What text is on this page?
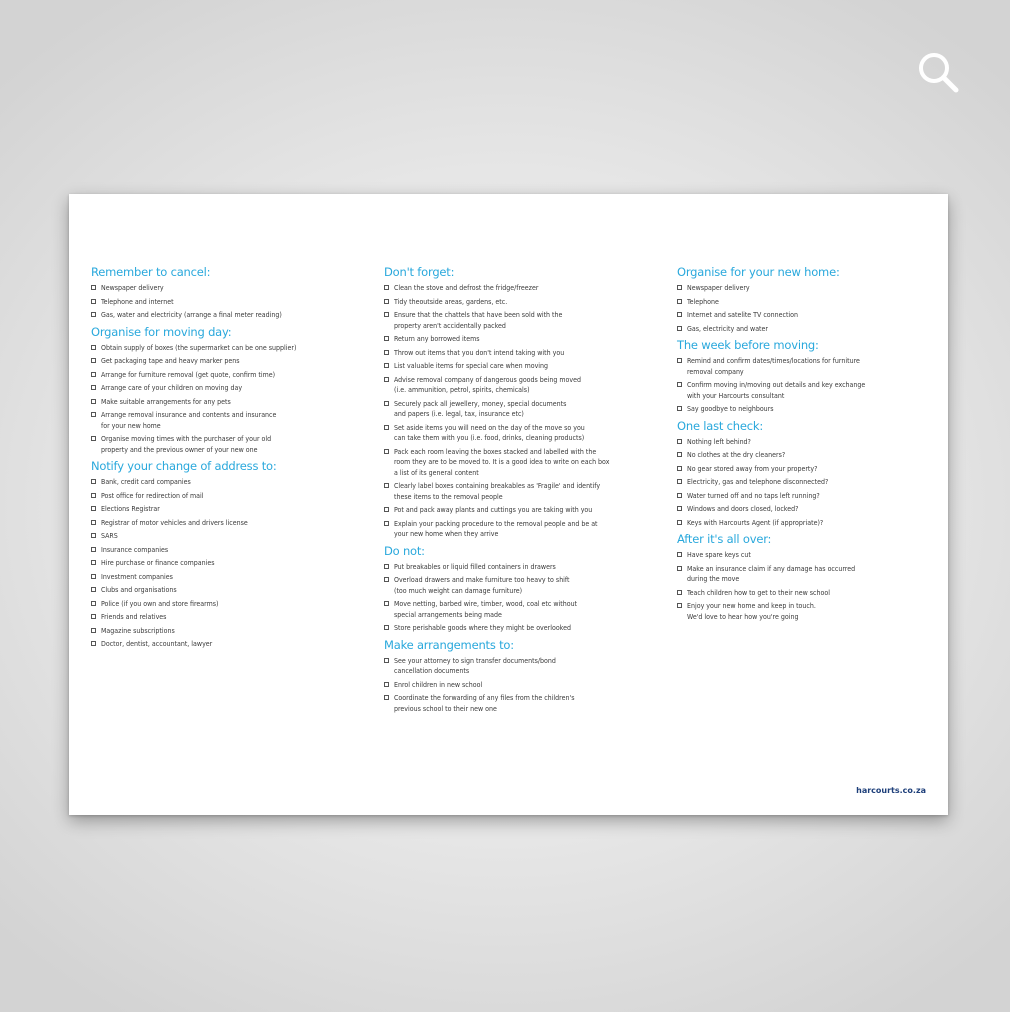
Remember to cancel:
Newspaper delivery
Telephone and internet
Gas, water and electricity (arrange a final meter reading)
Organise for moving day:
Obtain supply of boxes (the supermarket can be one supplier)
Get packaging tape and heavy marker pens
Arrange for furniture removal (get quote, confirm time)
Arrange care of your children on moving day
Make suitable arrangements for any pets
Arrange removal insurance and contents and insurance
for your new home
Organise moving times with the purchaser of your old
property and the previous owner of your new one
Notify your change of address to:
Bank, credit card companies
Post office for redirection of mail
Elections Registrar
Registrar of motor vehicles and drivers license
SARS
Insurance companies
Hire purchase or finance companies
Investment companies
Clubs and organisations
Police (if you own and store firearms)
Friends and relatives
Magazine subscriptions
Doctor, dentist, accountant, lawyer
Don't forget:
Clean the stove and defrost the fridge/freezer
Tidy theoutside areas, gardens, etc.
Ensure that the chattels that have been sold with the
property aren't accidentally packed
Return any borrowed items
Throw out items that you don't intend taking with you
List valuable items for special care when moving
Advise removal company of dangerous goods being moved
(i.e. ammunition, petrol, spirits, chemicals)
Securely pack all jewellery, money, special documents
and papers (i.e. legal, tax, insurance etc)
Set aside items you will need on the day of the move so you
can take them with you (i.e. food, drinks, cleaning products)
Pack each room leaving the boxes stacked and labelled with the
room they are to be moved to. It is a good idea to write on each box
a list of its general content
Clearly label boxes containing breakables as 'Fragile' and identify
these items to the removal people
Pot and pack away plants and cuttings you are taking with you
Explain your packing procedure to the removal people and be at
your new home when they arrive
Do not:
Put breakables or liquid filled containers in drawers
Overload drawers and make furniture too heavy to shift
(too much weight can damage furniture)
Move netting, barbed wire, timber, wood, coal etc without
special arrangements being made
Store perishable goods where they might be overlooked
Make arrangements to:
See your attorney to sign transfer documents/bond
cancellation documents
Enrol children in new school
Coordinate the forwarding of any files from the children's
previous school to their new one
Organise for your new home:
Newspaper delivery
Telephone
Internet and satelite TV connection
Gas, electricity and water
The week before moving:
Remind and confirm dates/times/locations for furniture
removal company
Confirm moving in/moving out details and key exchange
with your Harcourts consultant
Say goodbye to neighbours
One last check:
Nothing left behind?
No clothes at the dry cleaners?
No gear stored away from your property?
Electricity, gas and telephone disconnected?
Water turned off and no taps left running?
Windows and doors closed, locked?
Keys with Harcourts Agent (if appropriate)?
After it's all over:
Have spare keys cut
Make an insurance claim if any damage has occurred
during the move
Teach children how to get to their new school
Enjoy your new home and keep in touch.
We'd love to hear how you're going
harcourts.co.za
